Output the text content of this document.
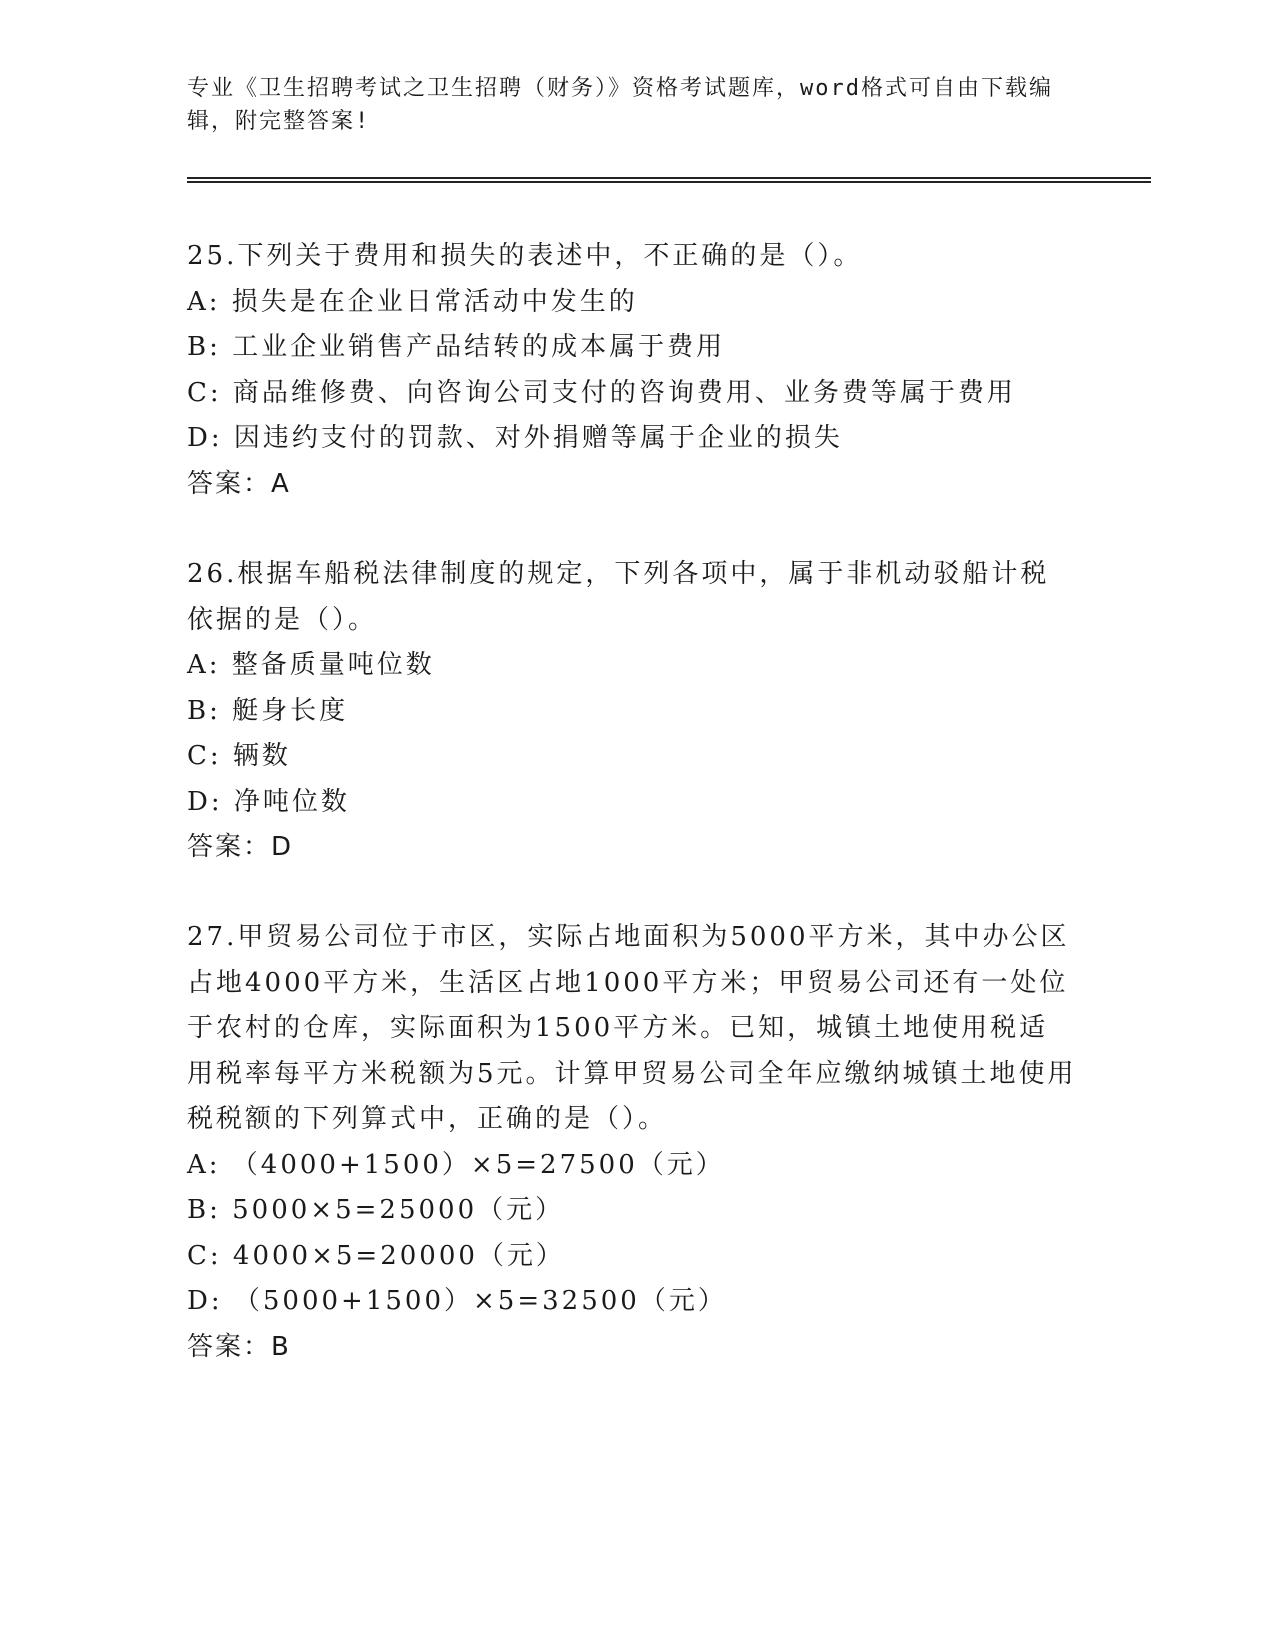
专业《卫生招聘考试之卫生招聘（财务）》资格考试题库，word格式可自由下载编辑，附完整答案!
25.下列关于费用和损失的表述中，不正确的是（）。
A: 损失是在企业日常活动中发生的
B: 工业企业销售产品结转的成本属于费用
C: 商品维修费、向咨询公司支付的咨询费用、业务费等属于费用
D: 因违约支付的罚款、对外捐赠等属于企业的损失
答案：A
26.根据车船税法律制度的规定，下列各项中，属于非机动驳船计税依据的是（）。
A: 整备质量吨位数
B: 艇身长度
C: 辆数
D: 净吨位数
答案：D
27.甲贸易公司位于市区，实际占地面积为5000平方米，其中办公区占地4000平方米，生活区占地1000平方米；甲贸易公司还有一处位于农村的仓库，实际面积为1500平方米。已知，城镇土地使用税适用税率每平方米税额为5元。计算甲贸易公司全年应缴纳城镇土地使用税税额的下列算式中，正确的是（）。
A: （4000+1500）×5=27500（元）
B: 5000×5=25000（元）
C: 4000×5=20000（元）
D: （5000+1500）×5=32500（元）
答案：B
